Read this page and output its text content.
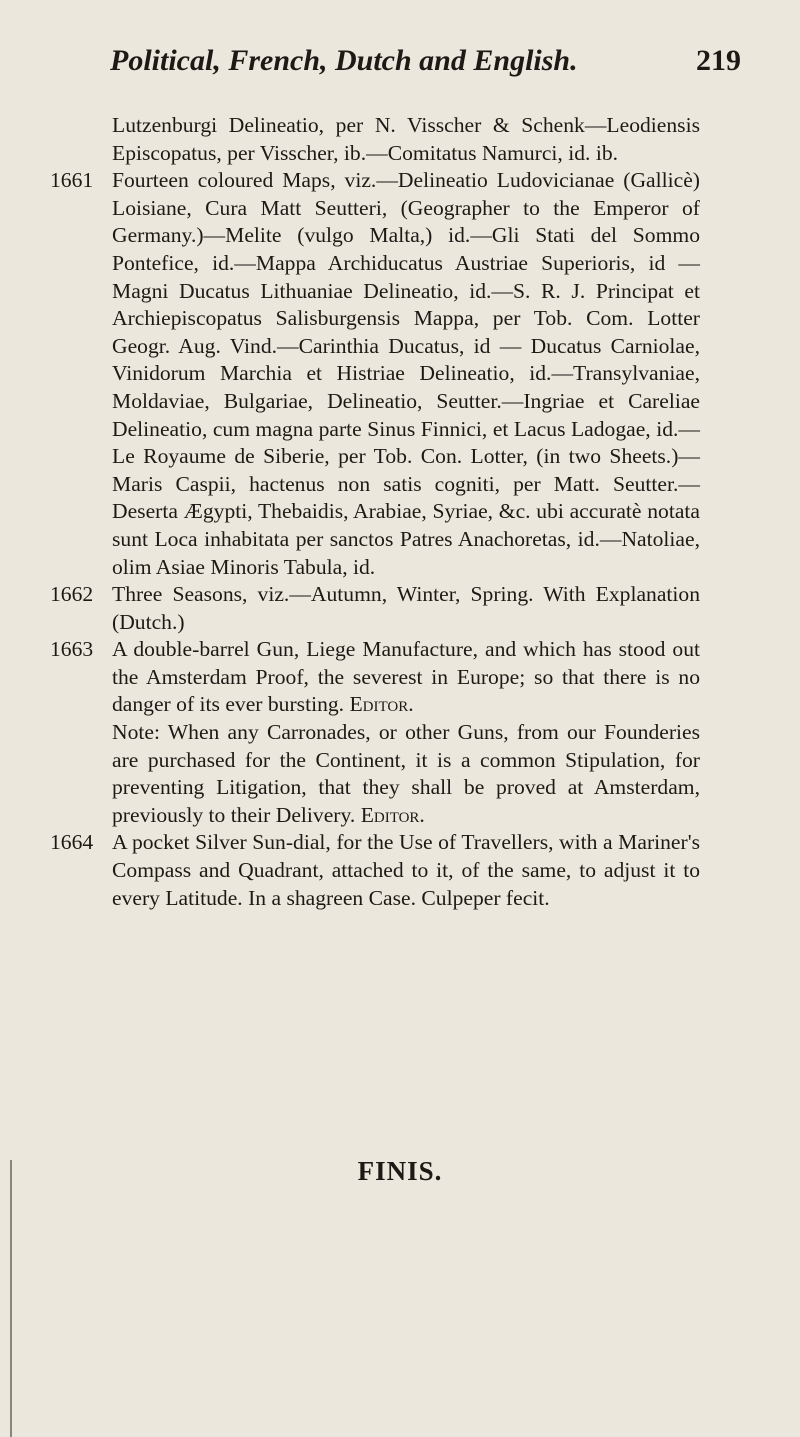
Political, French, Dutch and English.	219

Lutzenburgi Delineatio, per N. Visscher & Schenk—Leodiensis Episcopatus, per Visscher, ib.—Comitatus Namurci, id. ib.

1661 Fourteen coloured Maps, viz.—Delineatio Ludovicianae (Gallicè) Loisiane, Cura Matt Seutteri, (Geographer to the Emperor of Germany.)—Melite (vulgo Malta,) id.—Gli Stati del Sommo Pontefice, id.—Mappa Archiducatus Austriae Superioris, id —Magni Ducatus Lithuaniae Delineatio, id.—S. R. J. Principat et Archiepiscopatus Salisburgensis Mappa, per Tob. Com. Lotter Geogr. Aug. Vind.—Carinthia Ducatus, id — Ducatus Carniolae, Vinidorum Marchia et Histriae Delineatio, id.—Transylvaniae, Moldaviae, Bulgariae, Delineatio, Seutter.—Ingriae et Careliae Delineatio, cum magna parte Sinus Finnici, et Lacus Ladogae, id.—Le Royaume de Siberie, per Tob. Con. Lotter, (in two Sheets.)—Maris Caspii, hactenus non satis cogniti, per Matt. Seutter.—Deserta Ægypti, Thebaidis, Arabiae, Syriae, &c. ubi accuratè notata sunt Loca inhabitata per sanctos Patres Anachoretas, id.—Natoliae, olim Asiae Minoris Tabula, id.

1662 Three Seasons, viz.—Autumn, Winter, Spring. With Explanation (Dutch.)

1663 A double-barrel Gun, Liege Manufacture, and which has stood out the Amsterdam Proof, the severest in Europe; so that there is no danger of its ever bursting. Editor.

Note: When any Carronades, or other Guns, from our Founderies are purchased for the Continent, it is a common Stipulation, for preventing Litigation, that they shall be proved at Amsterdam, previously to their Delivery. Editor.

1664 A pocket Silver Sun-dial, for the Use of Travellers, with a Mariner's Compass and Quadrant, attached to it, of the same, to adjust it to every Latitude. In a shagreen Case. Culpeper fecit.

FINIS.
